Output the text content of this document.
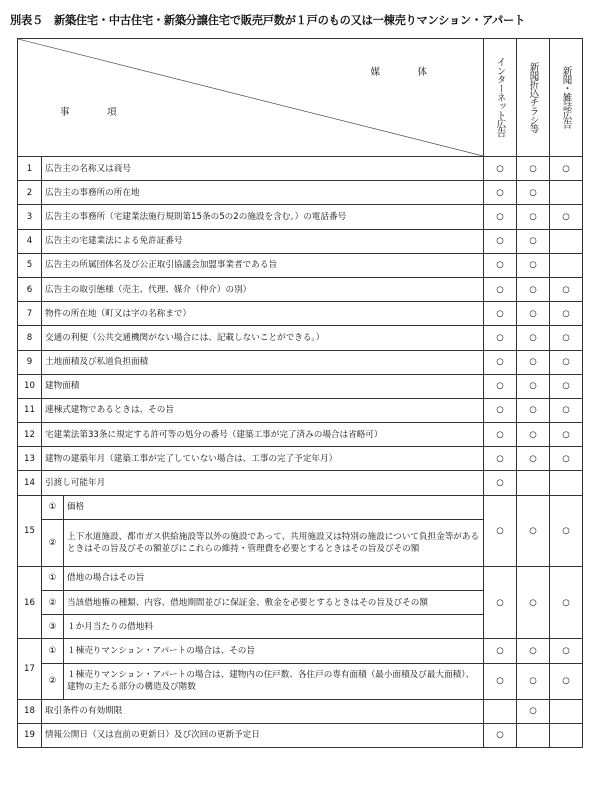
別表５　新築住宅・中古住宅・新築分譲住宅で販売戸数が１戸のもの又は一棟売りマンション・アパート
媒　体
事　項			インターネット広告	新聞折込チラシ等	新聞・雑誌広告

1	広告主の名称又は商号		○	○	○
2	広告主の事務所の所在地		○	○	
3	広告主の事務所（宅建業法施行規則第15条の5の2の施設を含む。）の電話番号		○	○	○
4	広告主の宅建業法による免許証番号		○	○	
5	広告主の所属団体名及び公正取引協議会加盟事業者である旨		○	○	
6	広告主の取引態様（売主、代理、媒介（仲介）の別）		○	○	○
7	物件の所在地（町又は字の名称まで）		○	○	○
8	交通の利便（公共交通機関がない場合には、記載しないことができる。）		○	○	○
9	土地面積及び私道負担面積		○	○	○
10	建物面積		○	○	○
11	連棟式建物であるときは、その旨		○	○	○
12	宅建業法第33条に規定する許可等の処分の番号（建築工事が完了済みの場合は省略可）		○	○	○
13	建物の建築年月（建築工事が完了していない場合は、工事の完了予定年月）		○	○	○
14	引渡し可能年月		○		
15	①	価格	○	○	○
	②	上下水道施設、都市ガス供給施設等以外の施設であって、共用施設又は特別の施設について負担金等があるときはその旨及びその額並びにこれらの維持・管理費を必要とするときはその旨及びその額			
16	①	借地の場合はその旨	○	○	○
	②	当該借地権の種類、内容、借地期間並びに保証金、敷金を必要とするときはその旨及びその額			
	③	１か月当たりの借地料			
17	①	１棟売りマンション・アパートの場合は、その旨	○	○	○
	②	１棟売りマンション・アパートの場合は、建物内の住戸数、各住戸の専有面積（最小面積及び最大面積）、建物の主たる部分の構造及び階数	○	○	○
18	取引条件の有効期限			○	
19	情報公開日（又は直前の更新日）及び次回の更新予定日		○		
